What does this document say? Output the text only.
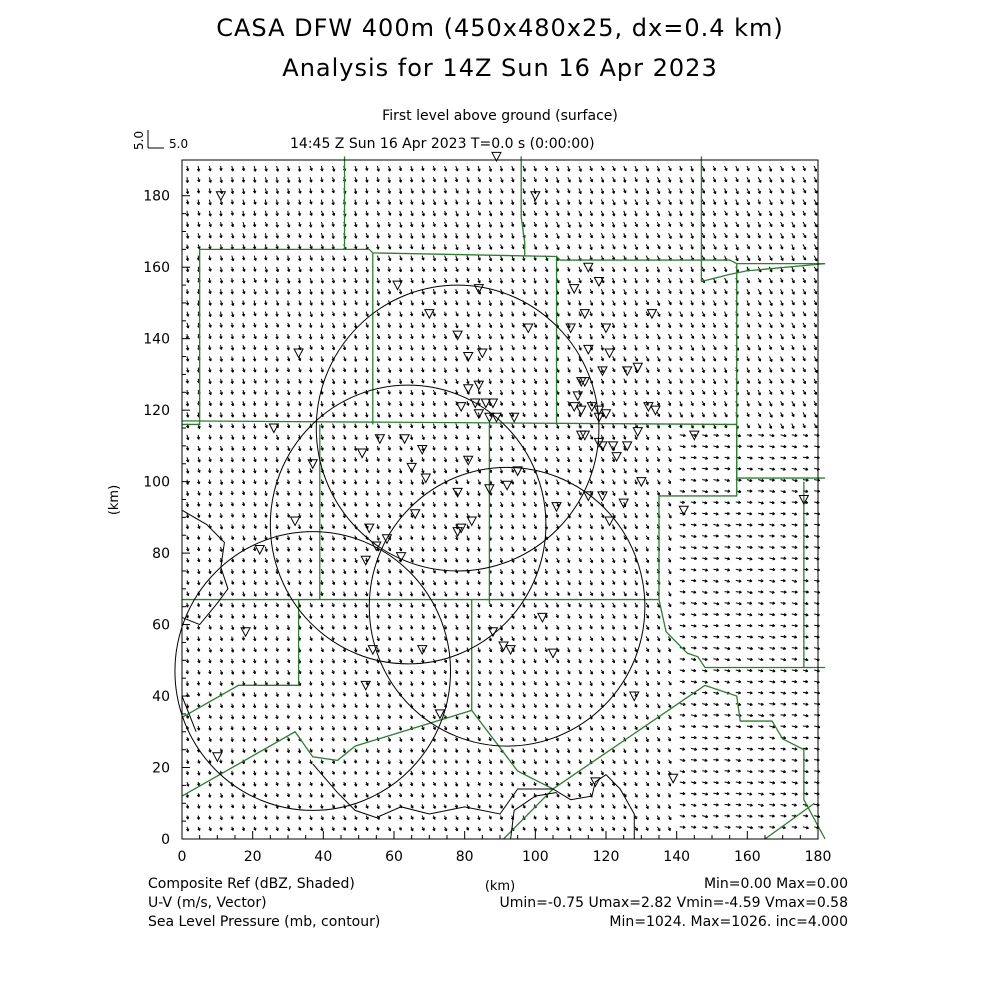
CASA DFW 400m (450x480x25, dx=0.4 km)
Analysis for 14Z Sun 16 Apr 2023
First level above ground (surface)
14:45 Z Sun 16 Apr 2023 T=0.0 s (0:00:00)
0	20	40	60	80	100	120	140	160	180
0
20
40
60
80
100
120
140
160
180
5.0 5.0
(km)
(km)
Composite Ref (dBZ, Shaded)	Min=0.00 Max=0.00
U-V (m/s, Vector)	Umin=-0.75 Umax=2.82 Vmin=-4.59 Vmax=0.58
Sea Level Pressure (mb, contour)	Min=1024. Max=1026. inc=4.000
